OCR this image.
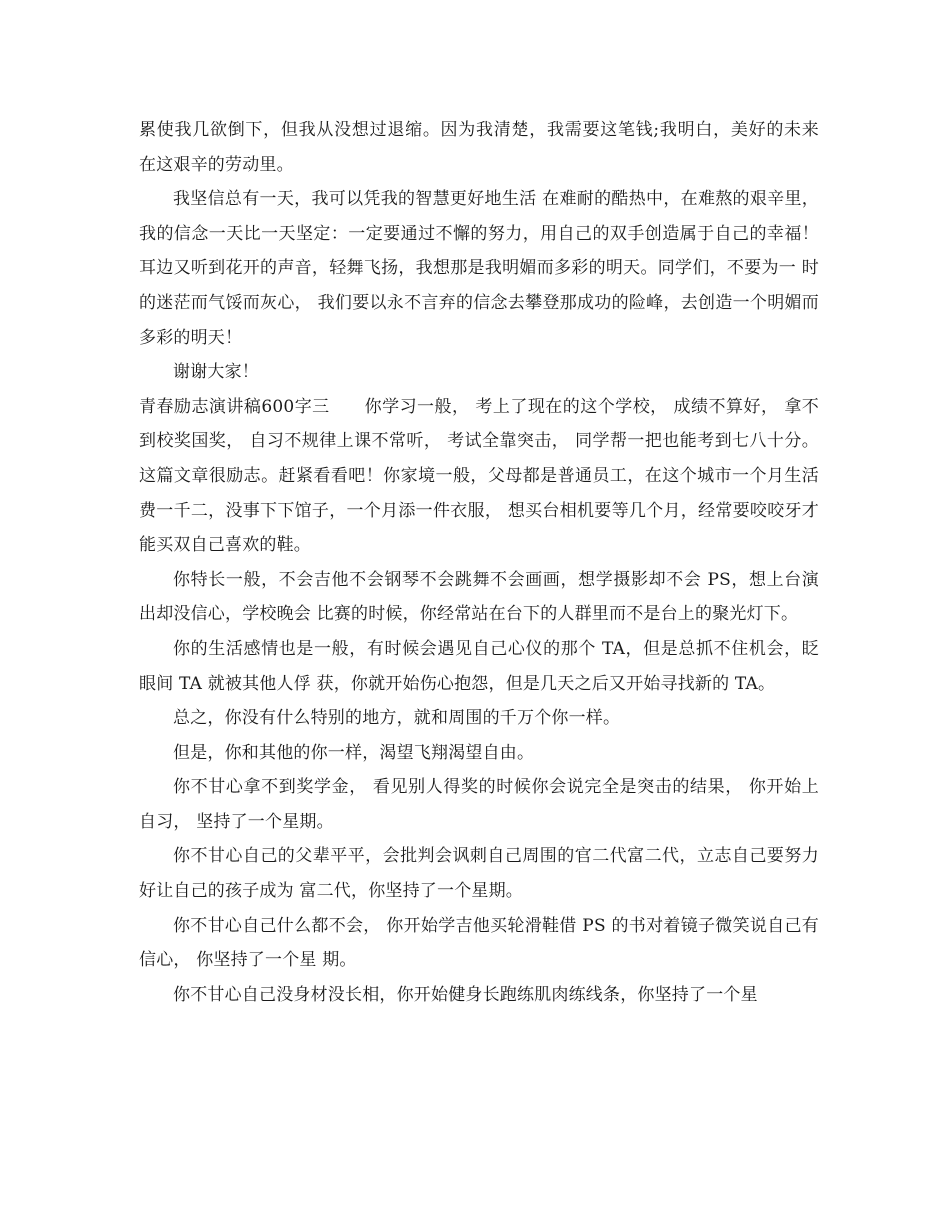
累使我几欲倒下，但我从没想过退缩。因为我清楚，我需要这笔钱;我明白，美好的未来 在这艰辛的劳动里。

我坚信总有一天，我可以凭我的智慧更好地生活 在难耐的酷热中，在难熬的艰辛里，我的信念一天比一天坚定：一定要通过不懈的努力，用自己的双手创造属于自己的幸福！耳边又听到花开的声音，轻舞飞扬，我想那是我明媚而多彩的明天。同学们，不要为一 时的迷茫而气馁而灰心， 我们要以永不言弃的信念去攀登那成功的险峰，去创造一个明媚而 多彩的明天！

谢谢大家！

青春励志演讲稿600字三　　你学习一般， 考上了现在的这个学校， 成绩不算好， 拿不到校奖国奖， 自习不规律上课不常听， 考试全靠突击， 同学帮一把也能考到七八十分。这篇文章很励志。赶紧看看吧！你家境一般，父母都是普通员工，在这个城市一个月生活费一千二，没事下下馆子，一个月添一件衣服， 想买台相机要等几个月，经常要咬咬牙才能买双自己喜欢的鞋。

你特长一般，不会吉他不会钢琴不会跳舞不会画画，想学摄影却不会 PS，想上台演出却没信心，学校晚会 比赛的时候，你经常站在台下的人群里而不是台上的聚光灯下。

你的生活感情也是一般，有时候会遇见自己心仪的那个 TA，但是总抓不住机会，眨眼间 TA 就被其他人俘 获，你就开始伤心抱怨，但是几天之后又开始寻找新的 TA。

总之，你没有什么特别的地方，就和周围的千万个你一样。

但是，你和其他的你一样，渴望飞翔渴望自由。

你不甘心拿不到奖学金， 看见别人得奖的时候你会说完全是突击的结果， 你开始上自习， 坚持了一个星期。

你不甘心自己的父辈平平，会批判会讽刺自己周围的官二代富二代，立志自己要努力好让自己的孩子成为 富二代，你坚持了一个星期。

你不甘心自己什么都不会， 你开始学吉他买轮滑鞋借 PS 的书对着镜子微笑说自己有信心， 你坚持了一个星 期。

你不甘心自己没身材没长相，你开始健身长跑练肌肉练线条，你坚持了一个星
